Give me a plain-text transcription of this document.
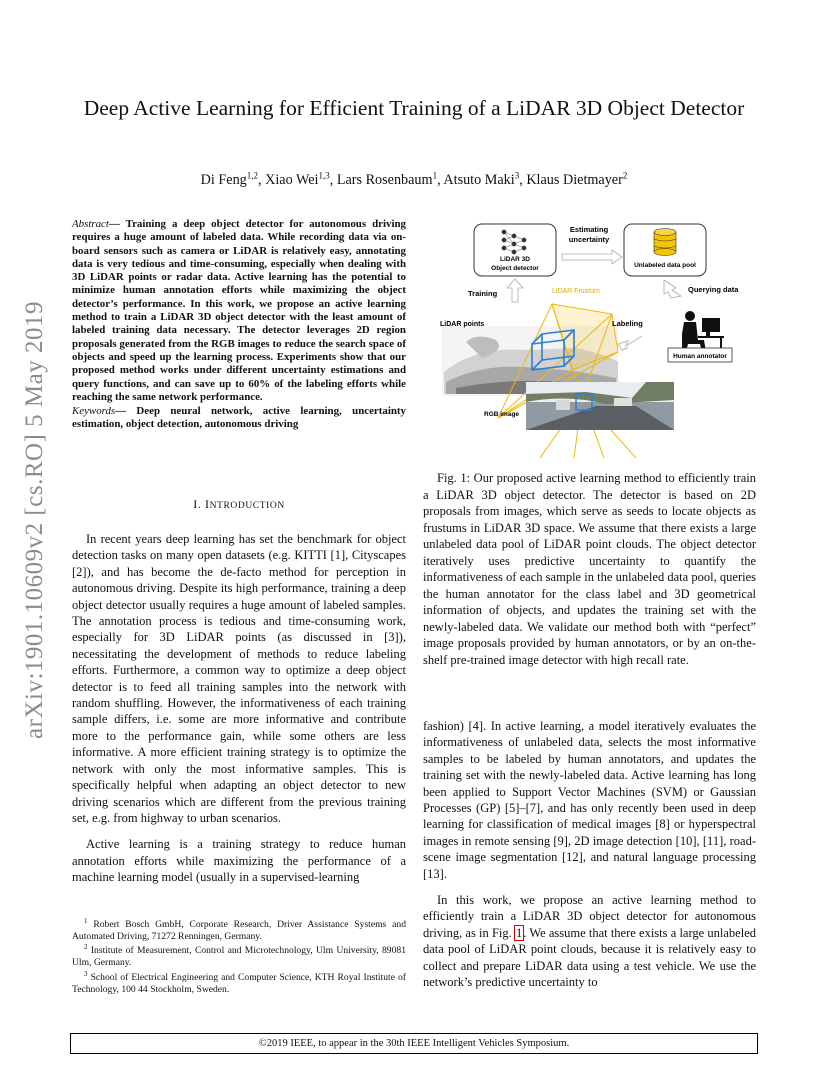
arXiv:1901.10609v2 [cs.RO] 5 May 2019
Deep Active Learning for Efficient Training of a LiDAR 3D Object Detector
Di Feng$^{1,2}$, Xiao Wei$^{1,3}$, Lars Rosenbaum$^1$, Atsuto Maki$^3$, Klaus Dietmayer$^2$

Abstract— Training a deep object detector for autonomous driving requires a huge amount of labeled data. While recording data via on-board sensors such as camera or LiDAR is relatively easy, annotating data is very tedious and time-consuming, especially when dealing with 3D LiDAR points or radar data. Active learning has the potential to minimize human annotation efforts while maximizing the object detector’s performance. In this work, we propose an active learning method to train a LiDAR 3D object detector with the least amount of labeled training data necessary. The detector leverages 2D region proposals generated from the RGB images to reduce the search space of objects and speed up the learning process. Experiments show that our proposed method works under different uncertainty estimations and query functions, and can save up to 60% of the labeling efforts while reaching the same network performance.

Keywords— Deep neural network, active learning, uncertainty estimation, object detection, autonomous driving

I. INTRODUCTION

In recent years deep learning has set the benchmark for object detection tasks on many open datasets (e.g. KITTI [1], Cityscapes [2]), and has become the de-facto method for perception in autonomous driving. Despite its high performance, training a deep object detector usually requires a huge amount of labeled samples. The annotation process is tedious and time-consuming work, especially for 3D LiDAR points (as discussed in [3]), necessitating the development of methods to reduce labeling efforts. Furthermore, a common way to optimize a deep object detector is to feed all training samples into the network with random shuffling. However, the informativeness of each training sample differs, i.e. some are more informative and contribute more to the performance gain, while some others are less informative. A more efficient training strategy is to optimize the network with only the most informative samples. This is specifically helpful when adapting an object detector to new driving scenarios which are different from the previous training set, e.g. from highway to urban scenarios.

Active learning is a training strategy to reduce human annotation efforts while maximizing the performance of a machine learning model (usually in a supervised-learning

$^1$ Robert Bosch GmbH, Corporate Research, Driver Assistance Systems and Automated Driving, 71272 Renningen, Germany.

$^2$ Institute of Measurement, Control and Microtechnology, Ulm University, 89081 Ulm, Germany.

$^3$ School of Electrical Engineering and Computer Science, KTH Royal Institute of Technology, 100 44 Stockholm, Sweden.

LiDAR 3D
Object detector
Estimating
uncertainty
Unlabeled data pool
Training	Querying data
LiDAR Frustum
LiDAR points	Labeling
Human annotator
RGB image

Fig. 1: Our proposed active learning method to efficiently train a LiDAR 3D object detector. The detector is based on 2D proposals from images, which serve as seeds to locate objects as frustums in LiDAR 3D space. We assume that there exists a large unlabeled data pool of LiDAR point clouds. The object detector iteratively uses predictive uncertainty to quantify the informativeness of each sample in the unlabeled data pool, queries the human annotator for the class label and 3D geometrical information of objects, and updates the training set with the newly-labeled data. We validate our method both with “perfect” image proposals provided by human annotators, or by an on-the-shelf pre-trained image detector with high recall rate.

fashion) [4]. In active learning, a model iteratively evaluates the informativeness of unlabeled data, selects the most informative samples to be labeled by human annotators, and updates the training set with the newly-labeled data. Active learning has long been applied to Support Vector Machines (SVM) or Gaussian Processes (GP) [5]–[7], and has only recently been used in deep learning for classification of medical images [8] or hyperspectral images in remote sensing [9], 2D image detection [10], [11], road-scene image segmentation [12], and natural language processing [13].

In this work, we propose an active learning method to efficiently train a LiDAR 3D object detector for autonomous driving, as in Fig. 1. We assume that there exists a large unlabeled data pool of LiDAR point clouds, because it is relatively easy to collect and prepare LiDAR data using a test vehicle. We use the network’s predictive uncertainty to

©2019 IEEE, to appear in the 30th IEEE Intelligent Vehicles Symposium.
